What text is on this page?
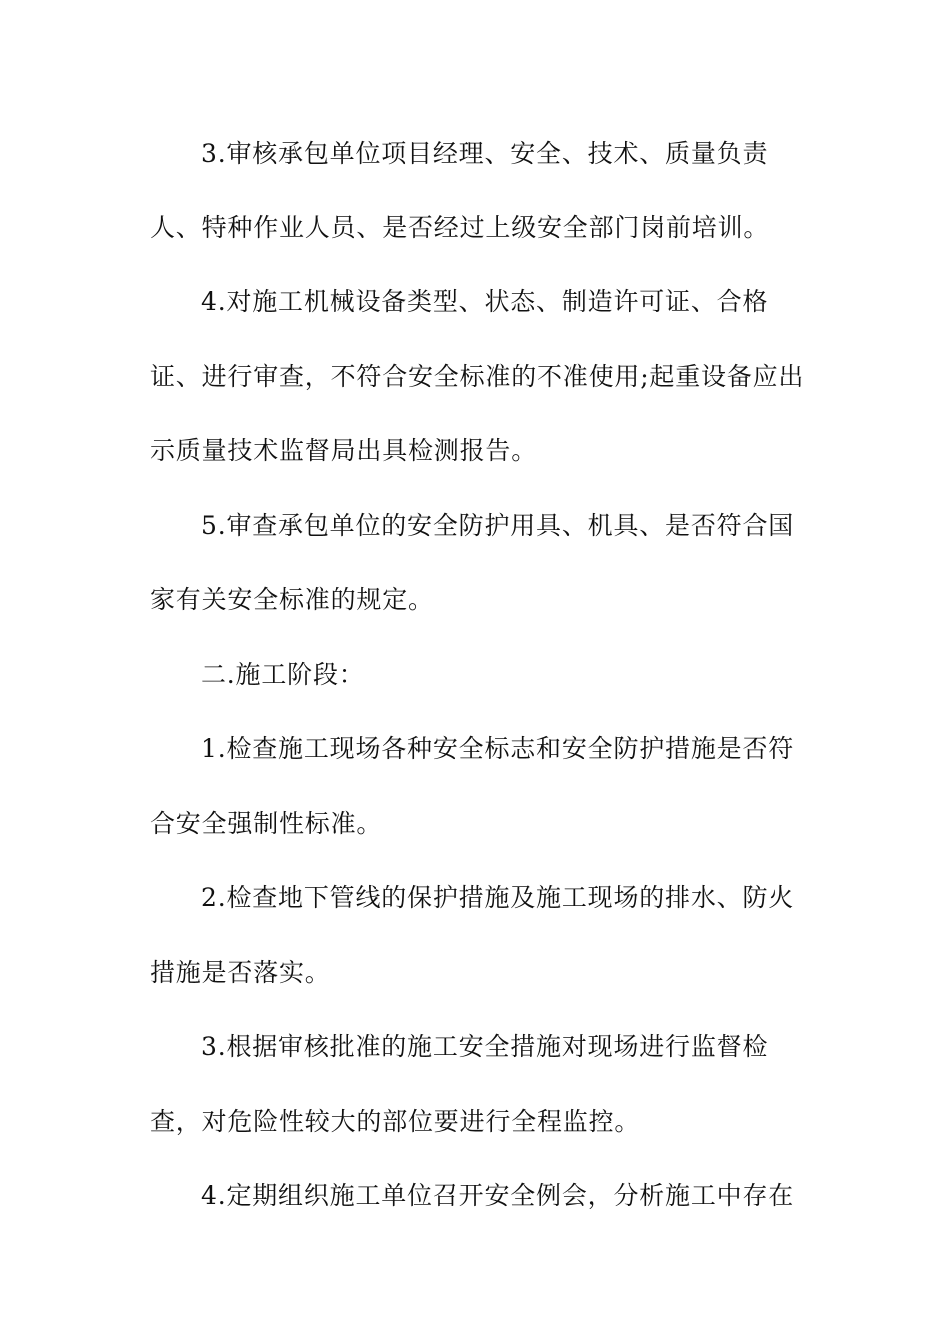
3.审核承包单位项目经理、安全、技术、质量负责
人、特种作业人员、是否经过上级安全部门岗前培训。
4.对施工机械设备类型、状态、制造许可证、合格
证、进行审查，不符合安全标准的不准使用;起重设备应出
示质量技术监督局出具检测报告。
5.审查承包单位的安全防护用具、机具、是否符合国
家有关安全标准的规定。
二.施工阶段：
1.检查施工现场各种安全标志和安全防护措施是否符
合安全强制性标准。
2.检查地下管线的保护措施及施工现场的排水、防火
措施是否落实。
3.根据审核批准的施工安全措施对现场进行监督检
查，对危险性较大的部位要进行全程监控。
4.定期组织施工单位召开安全例会，分析施工中存在
